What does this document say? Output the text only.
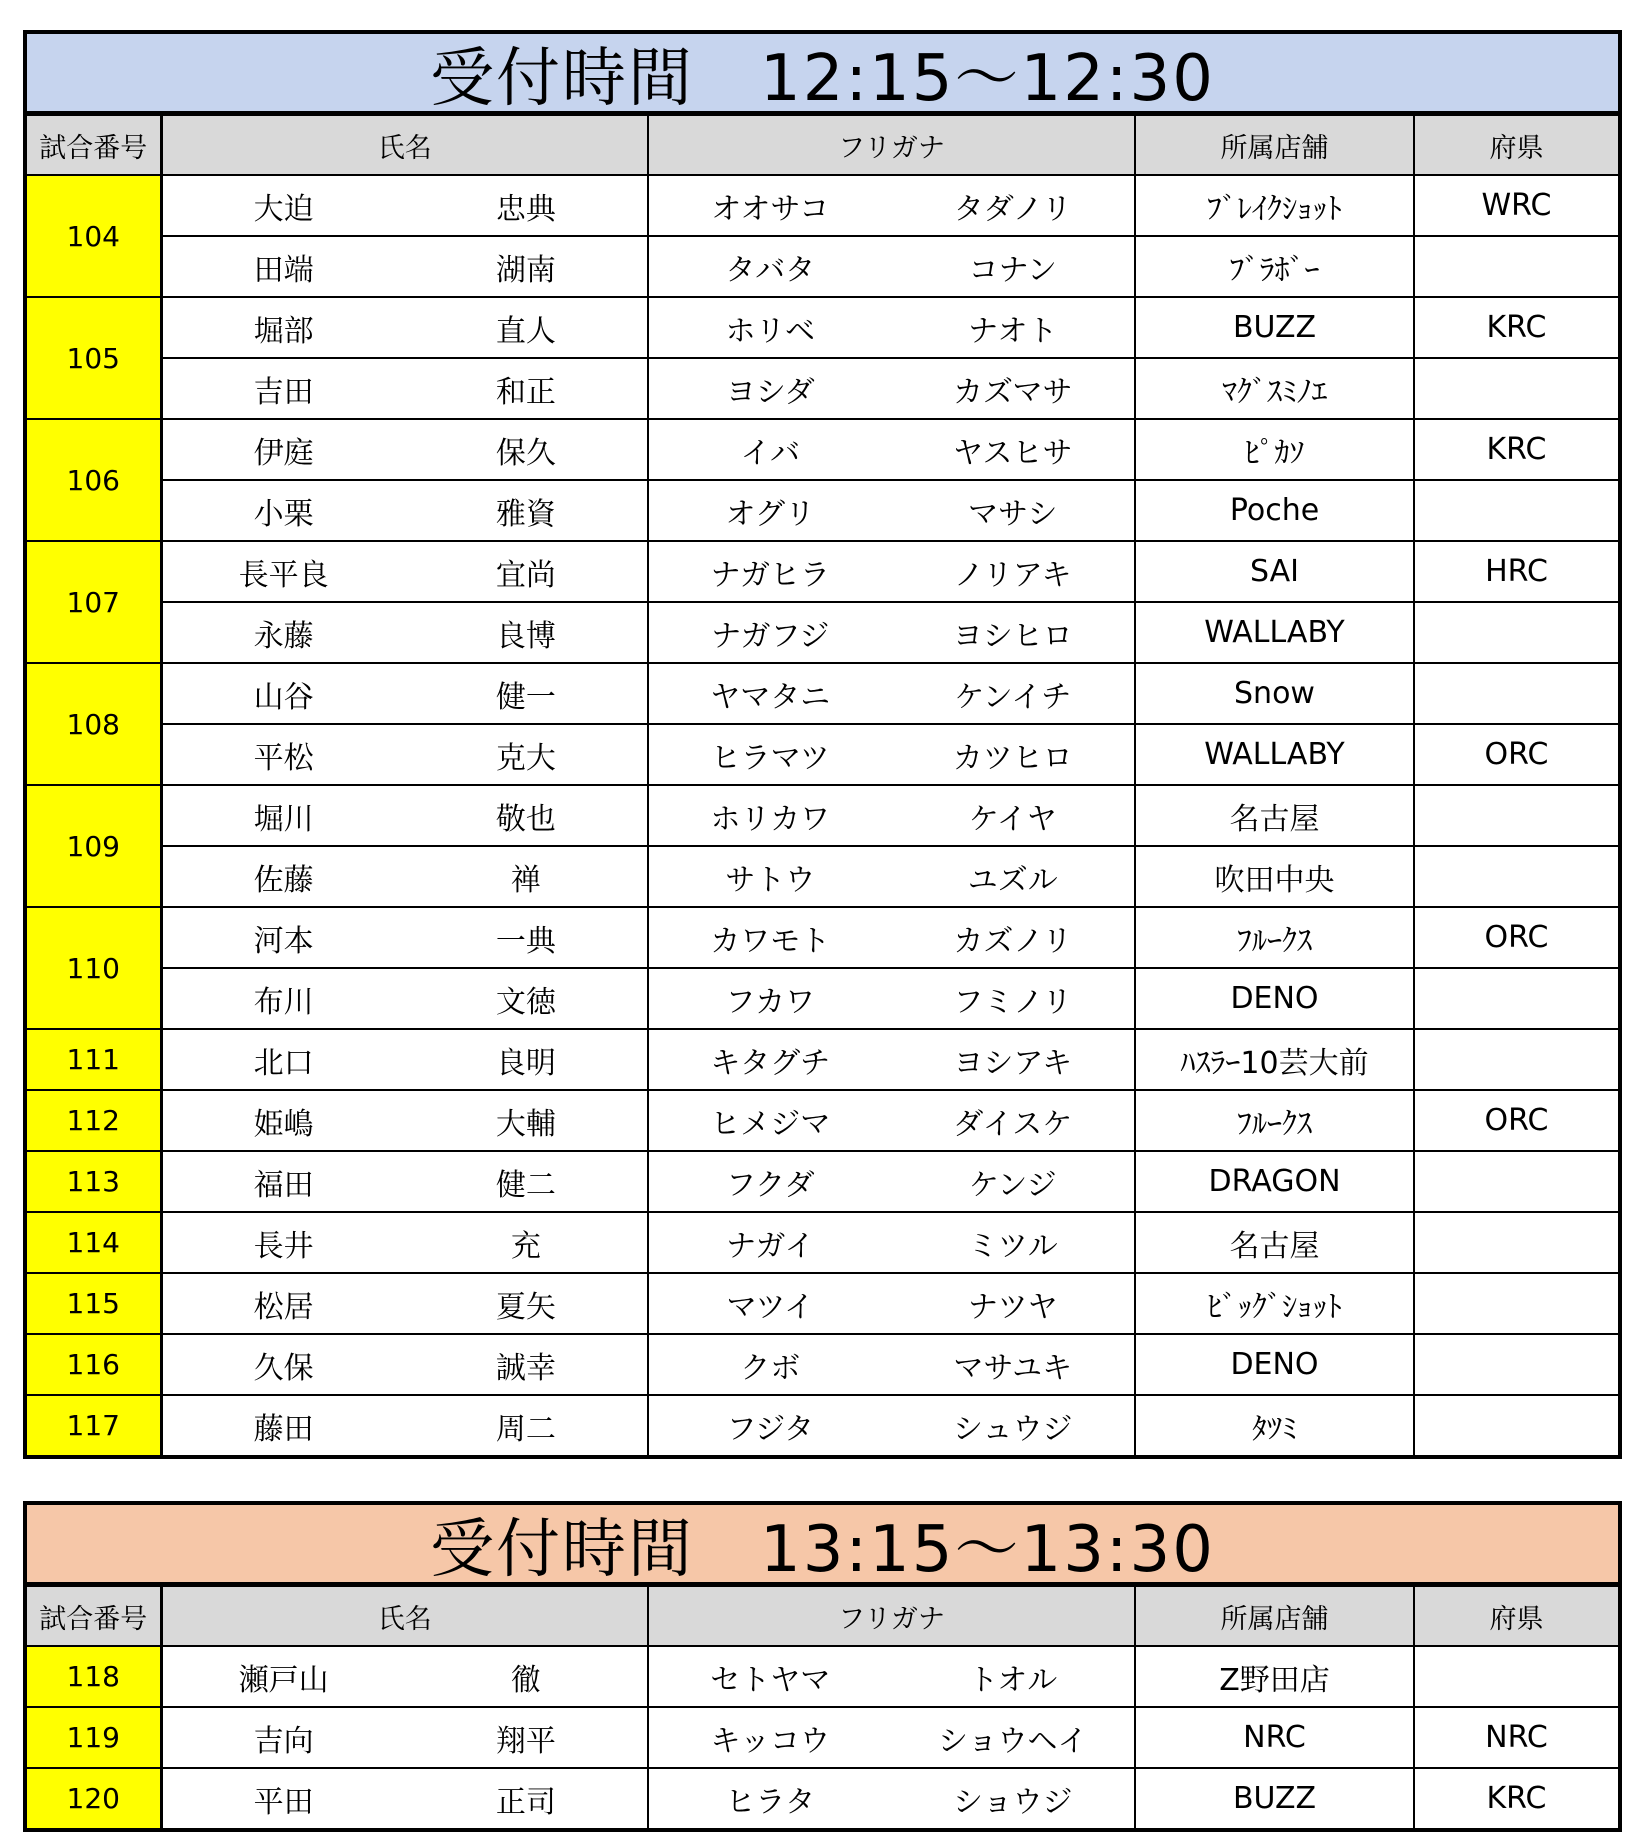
受付時間　12:15～12:30
試合番号	氏名	フリガナ	所属店舗	府県
104	大迫 忠典	オオサコ タダノリ	ﾌﾞﾚｲｸｼｮｯﾄ	WRC

	田端 湖南	タバタ コナン	ﾌﾞﾗﾎﾞｰ	
105	堀部 直人	ホリベ ナオト	BUZZ	KRC

	吉田 和正	ヨシダ カズマサ	ﾏｸﾞｽﾐﾉｴ	
106	伊庭 保久	イバ ヤスヒサ	ﾋﾟｶｿ	KRC

	小栗 雅資	オグリ マサシ	Poche	
107	長平良 宜尚	ナガヒラ ノリアキ	SAI	HRC

	永藤 良博	ナガフジ ヨシヒロ	WALLABY	
108	山谷 健一	ヤマタニ ケンイチ	Snow	

	平松 克大	ヒラマツ カツヒロ	WALLABY	ORC
109	堀川 敬也	ホリカワ ケイヤ	名古屋	

	佐藤 禅	サトウ ユズル	吹田中央	
110	河本 一典	カワモト カズノリ	ﾌﾙｰｸｽ	ORC

	布川 文徳	フカワ フミノリ	DENO	
111	北口 良明	キタグチ ヨシアキ	ﾊｽﾗｰ10芸大前	
112	姫嶋 大輔	ヒメジマ ダイスケ	ﾌﾙｰｸｽ	ORC
113	福田 健二	フクダ ケンジ	DRAGON	
114	長井 充	ナガイ ミツル	名古屋	
115	松居 夏矢	マツイ ナツヤ	ﾋﾞｯｸﾞｼｮｯﾄ	
116	久保 誠幸	クボ マサユキ	DENO	
117	藤田 周二	フジタ シュウジ	ﾀﾂﾐ	
受付時間　13:15～13:30
試合番号	氏名	フリガナ	所属店舗	府県
118	瀬戸山 徹	セトヤマ トオル	Z野田店	
119	吉向 翔平	キッコウ ショウヘイ	NRC	NRC
120	平田 正司	ヒラタ ショウジ	BUZZ	KRC
